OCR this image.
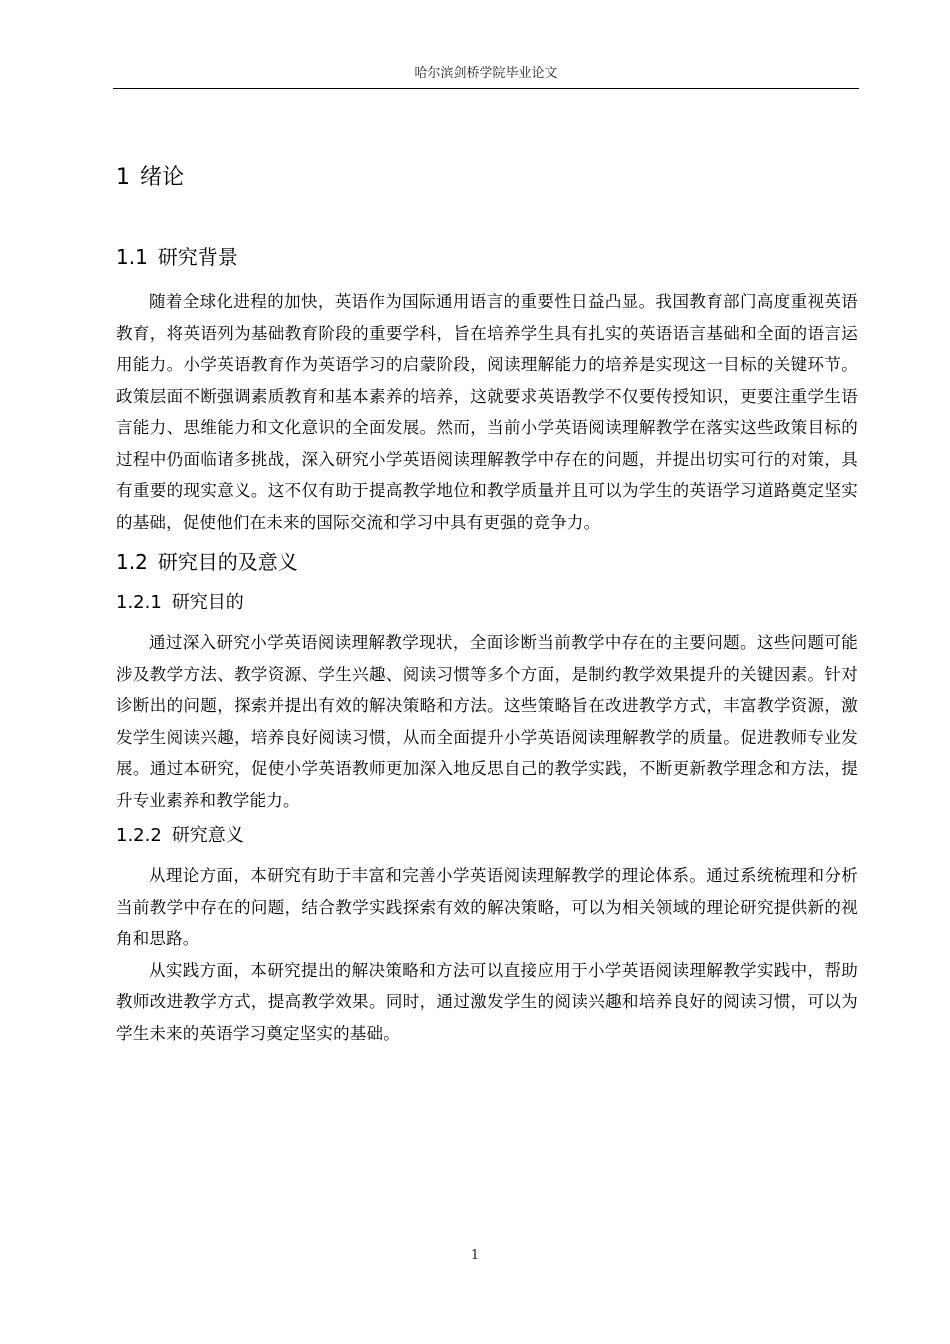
哈尔滨剑桥学院毕业论文
1 绪论
1.1 研究背景

随着全球化进程的加快，英语作为国际通用语言的重要性日益凸显。我国教育部门高度重视英语教育，将英语列为基础教育阶段的重要学科，旨在培养学生具有扎实的英语语言基础和全面的语言运用能力。小学英语教育作为英语学习的启蒙阶段，阅读理解能力的培养是实现这一目标的关键环节。政策层面不断强调素质教育和基本素养的培养，这就要求英语教学不仅要传授知识，更要注重学生语言能力、思维能力和文化意识的全面发展。然而，当前小学英语阅读理解教学在落实这些政策目标的过程中仍面临诸多挑战，深入研究小学英语阅读理解教学中存在的问题，并提出切实可行的对策，具有重要的现实意义。这不仅有助于提高教学地位和教学质量并且可以为学生的英语学习道路奠定坚实的基础，促使他们在未来的国际交流和学习中具有更强的竞争力。

1.2 研究目的及意义
1.2.1 研究目的

通过深入研究小学英语阅读理解教学现状，全面诊断当前教学中存在的主要问题。这些问题可能涉及教学方法、教学资源、学生兴趣、阅读习惯等多个方面，是制约教学效果提升的关键因素。针对诊断出的问题，探索并提出有效的解决策略和方法。这些策略旨在改进教学方式，丰富教学资源，激发学生阅读兴趣，培养良好阅读习惯，从而全面提升小学英语阅读理解教学的质量。促进教师专业发展。通过本研究，促使小学英语教师更加深入地反思自己的教学实践，不断更新教学理念和方法，提升专业素养和教学能力。

1.2.2 研究意义

从理论方面，本研究有助于丰富和完善小学英语阅读理解教学的理论体系。通过系统梳理和分析当前教学中存在的问题，结合教学实践探索有效的解决策略，可以为相关领域的理论研究提供新的视角和思路。

从实践方面，本研究提出的解决策略和方法可以直接应用于小学英语阅读理解教学实践中，帮助教师改进教学方式，提高教学效果。同时，通过激发学生的阅读兴趣和培养良好的阅读习惯，可以为学生未来的英语学习奠定坚实的基础。

1
